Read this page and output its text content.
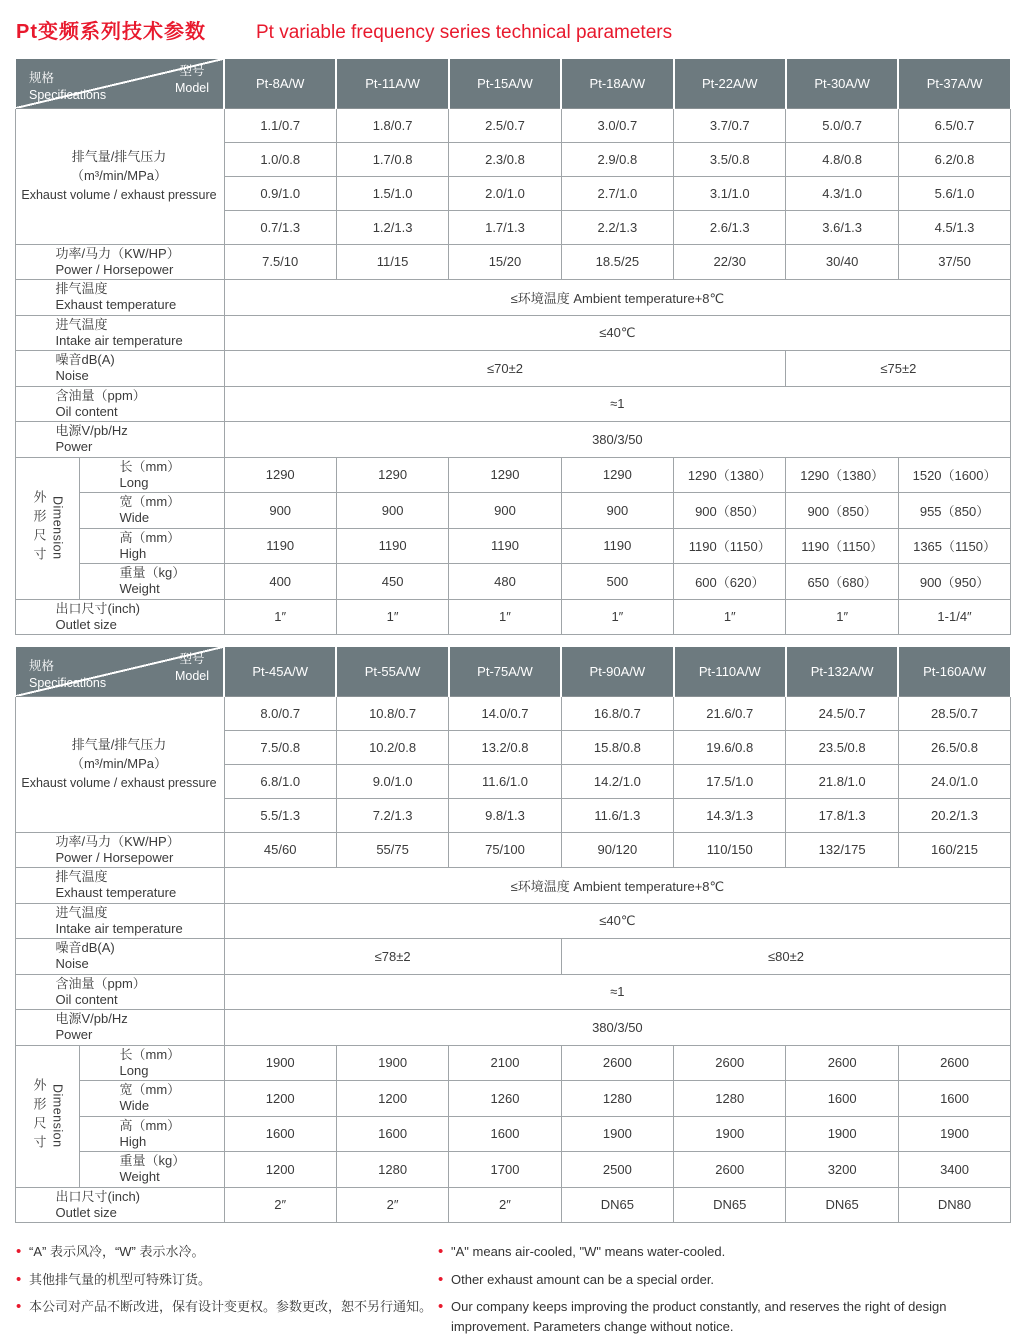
Pt变频系列技术参数	Pt variable frequency series technical parameters
型号
Model
规格
Specifications		Pt-8A/W	Pt-11A/W	Pt-15A/W	Pt-18A/W	Pt-22A/W	Pt-30A/W	Pt-37A/W

排气量/排气压力
（m³/min/MPa）
Exhaust volume / exhaust pressure		1.1/0.7	1.8/0.7	2.5/0.7	3.0/0.7	3.7/0.7	5.0/0.7	6.5/0.7
		1.0/0.8	1.7/0.8	2.3/0.8	2.9/0.8	3.5/0.8	4.8/0.8	6.2/0.8
		0.9/1.0	1.5/1.0	2.0/1.0	2.7/1.0	3.1/1.0	4.3/1.0	5.6/1.0
		0.7/1.3	1.2/1.3	1.7/1.3	2.2/1.3	2.6/1.3	3.6/1.3	4.5/1.3

功率/马力（KW/HP）
Power / Horsepower		7.5/10	11/15	15/20	18.5/25	22/30	30/40	37/50

排气温度
Exhaust temperature		≤环境温度 Ambient temperature+8℃						

进气温度
Intake air temperature		≤40℃						

噪音dB(A)
Noise		≤70±2					≤75±2	

含油量（ppm）
Oil content		≈1						

电源V/pb/Hz
Power		380/3/50						

外形尺寸 Dimension

长（mm）
Long	1290	1290	1290	1290	1290（1380）	1290（1380）	1520（1600）

	宽（mm）
Wide	900	900	900	900	900（850）	900（850）	955（850）

	高（mm）
High	1190	1190	1190	1190	1190（1150）	1190（1150）	1365（1150）

	重量（kg）
Weight	400	450	480	500	600（620）	650（680）	900（950）

出口尺寸(inch)
Outlet size		1″	1″	1″	1″	1″	1″	1-1/4″
型号
Model
规格
Specifications		Pt-45A/W	Pt-55A/W	Pt-75A/W	Pt-90A/W	Pt-110A/W	Pt-132A/W	Pt-160A/W

排气量/排气压力
（m³/min/MPa）
Exhaust volume / exhaust pressure		8.0/0.7	10.8/0.7	14.0/0.7	16.8/0.7	21.6/0.7	24.5/0.7	28.5/0.7
		7.5/0.8	10.2/0.8	13.2/0.8	15.8/0.8	19.6/0.8	23.5/0.8	26.5/0.8
		6.8/1.0	9.0/1.0	11.6/1.0	14.2/1.0	17.5/1.0	21.8/1.0	24.0/1.0
		5.5/1.3	7.2/1.3	9.8/1.3	11.6/1.3	14.3/1.3	17.8/1.3	20.2/1.3

功率/马力（KW/HP）
Power / Horsepower		45/60	55/75	75/100	90/120	110/150	132/175	160/215

排气温度
Exhaust temperature		≤环境温度 Ambient temperature+8℃						

进气温度
Intake air temperature		≤40℃						

噪音dB(A)
Noise		≤78±2			≤80±2			

含油量（ppm）
Oil content		≈1						

电源V/pb/Hz
Power		380/3/50						

外形尺寸 Dimension

长（mm）
Long	1900	1900	2100	2600	2600	2600	2600

	宽（mm）
Wide	1200	1200	1260	1280	1280	1600	1600

	高（mm）
High	1600	1600	1600	1900	1900	1900	1900

	重量（kg）
Weight	1200	1280	1700	2500	2600	3200	3400

出口尺寸(inch)
Outlet size		2″	2″	2″	DN65	DN65	DN65	DN80
• “A” 表示风冷，“W” 表示水冷。
• 其他排气量的机型可特殊订货。
• 本公司对产品不断改进，保有设计变更权。参数更改，恕不另行通知。
• "A" means air-cooled, "W" means water-cooled.
• Other exhaust amount can be a special order.
• Our company keeps improving the product constantly, and reserves the right of design improvement. Parameters change without notice.
